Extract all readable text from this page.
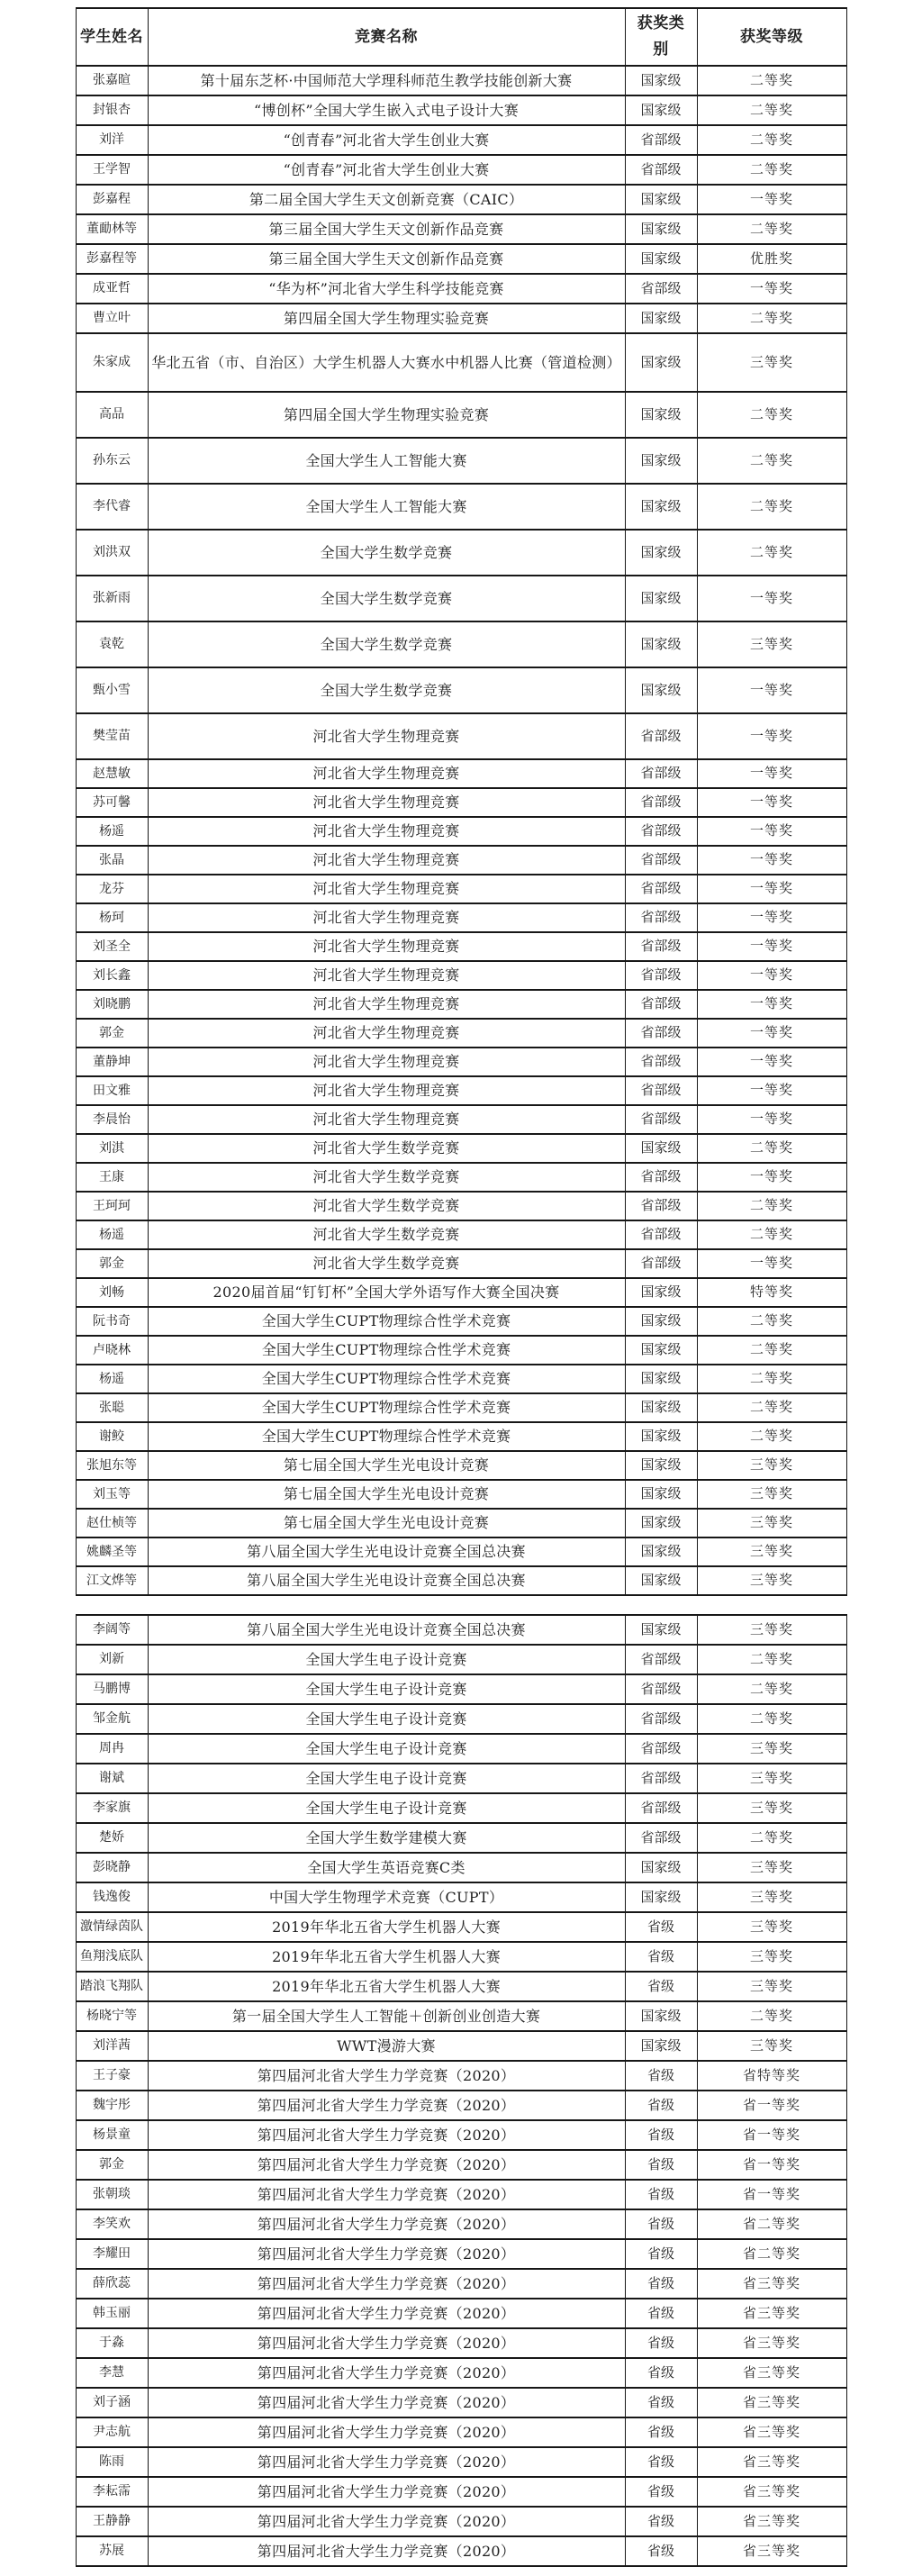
学生姓名	竞赛名称	获奖类别	获奖等级
张嘉暄	第十届东芝杯·中国师范大学理科师范生教学技能创新大赛	国家级	二等奖
封银杏	“博创杯”全国大学生嵌入式电子设计大赛	国家级	二等奖
刘洋	“创青春”河北省大学生创业大赛	省部级	二等奖
王学智	“创青春”河北省大学生创业大赛	省部级	二等奖
彭嘉程	第二届全国大学生天文创新竞赛（CAIC）	国家级	一等奖
董勔林等	第三届全国大学生天文创新作品竞赛	国家级	二等奖
彭嘉程等	第三届全国大学生天文创新作品竞赛	国家级	优胜奖
成亚哲	“华为杯”河北省大学生科学技能竞赛	省部级	一等奖
曹立叶	第四届全国大学生物理实验竞赛	国家级	二等奖
朱家成	华北五省（市、自治区）大学生机器人大赛水中机器人比赛（管道检测）	国家级	三等奖
高品	第四届全国大学生物理实验竞赛	国家级	二等奖
孙东云	全国大学生人工智能大赛	国家级	二等奖
李代睿	全国大学生人工智能大赛	国家级	二等奖
刘洪双	全国大学生数学竞赛	国家级	二等奖
张新雨	全国大学生数学竞赛	国家级	一等奖
袁乾	全国大学生数学竞赛	国家级	三等奖
甄小雪	全国大学生数学竞赛	国家级	一等奖
樊莹苗	河北省大学生物理竞赛	省部级	一等奖
赵慧敏	河北省大学生物理竞赛	省部级	一等奖
苏可馨	河北省大学生物理竞赛	省部级	一等奖
杨遥	河北省大学生物理竞赛	省部级	一等奖
张晶	河北省大学生物理竞赛	省部级	一等奖
龙芬	河北省大学生物理竞赛	省部级	一等奖
杨珂	河北省大学生物理竞赛	省部级	一等奖
刘圣全	河北省大学生物理竞赛	省部级	一等奖
刘长鑫	河北省大学生物理竞赛	省部级	一等奖
刘晓鹏	河北省大学生物理竞赛	省部级	一等奖
郭金	河北省大学生物理竞赛	省部级	一等奖
董静坤	河北省大学生物理竞赛	省部级	一等奖
田文雅	河北省大学生物理竞赛	省部级	一等奖
李晨怡	河北省大学生物理竞赛	省部级	一等奖
刘淇	河北省大学生数学竞赛	国家级	二等奖
王康	河北省大学生数学竞赛	省部级	一等奖
王珂珂	河北省大学生数学竞赛	省部级	二等奖
杨遥	河北省大学生数学竞赛	省部级	二等奖
郭金	河北省大学生数学竞赛	省部级	一等奖
刘畅	2020届首届“钉钉杯”全国大学外语写作大赛全国决赛	国家级	特等奖
阮书奇	全国大学生CUPT物理综合性学术竞赛	国家级	二等奖
卢晓林	全国大学生CUPT物理综合性学术竞赛	国家级	二等奖
杨遥	全国大学生CUPT物理综合性学术竞赛	国家级	二等奖
张聪	全国大学生CUPT物理综合性学术竞赛	国家级	二等奖
谢鲛	全国大学生CUPT物理综合性学术竞赛	国家级	二等奖
张旭东等	第七届全国大学生光电设计竞赛	国家级	三等奖
刘玉等	第七届全国大学生光电设计竞赛	国家级	三等奖
赵仕桢等	第七届全国大学生光电设计竞赛	国家级	三等奖
姚麟圣等	第八届全国大学生光电设计竞赛全国总决赛	国家级	三等奖
江文烨等	第八届全国大学生光电设计竞赛全国总决赛	国家级	三等奖
李阔等	第八届全国大学生光电设计竞赛全国总决赛	国家级	三等奖
刘新	全国大学生电子设计竞赛	省部级	二等奖
马鹏博	全国大学生电子设计竞赛	省部级	二等奖
邹金航	全国大学生电子设计竞赛	省部级	二等奖
周冉	全国大学生电子设计竞赛	省部级	三等奖
谢斌	全国大学生电子设计竞赛	省部级	三等奖
李家旗	全国大学生电子设计竞赛	省部级	三等奖
楚娇	全国大学生数学建模大赛	省部级	二等奖
彭晓静	全国大学生英语竞赛C类	国家级	三等奖
钱逸俊	中国大学生物理学术竞赛（CUPT）	国家级	三等奖
激情绿茵队	2019年华北五省大学生机器人大赛	省级	三等奖
鱼翔浅底队	2019年华北五省大学生机器人大赛	省级	三等奖
踏浪飞翔队	2019年华北五省大学生机器人大赛	省级	三等奖
杨晓宁等	第一届全国大学生人工智能＋创新创业创造大赛	国家级	二等奖
刘洋茜	WWT漫游大赛	国家级	三等奖
王子豪	第四届河北省大学生力学竞赛（2020）	省级	省特等奖
魏宇彤	第四届河北省大学生力学竞赛（2020）	省级	省一等奖
杨景童	第四届河北省大学生力学竞赛（2020）	省级	省一等奖
郭金	第四届河北省大学生力学竞赛（2020）	省级	省一等奖
张朝琰	第四届河北省大学生力学竞赛（2020）	省级	省一等奖
李笑欢	第四届河北省大学生力学竞赛（2020）	省级	省二等奖
李耀田	第四届河北省大学生力学竞赛（2020）	省级	省二等奖
薛欣蕊	第四届河北省大学生力学竞赛（2020）	省级	省三等奖
韩玉丽	第四届河北省大学生力学竞赛（2020）	省级	省三等奖
于淼	第四届河北省大学生力学竞赛（2020）	省级	省三等奖
李慧	第四届河北省大学生力学竞赛（2020）	省级	省三等奖
刘子涵	第四届河北省大学生力学竞赛（2020）	省级	省三等奖
尹志航	第四届河北省大学生力学竞赛（2020）	省级	省三等奖
陈雨	第四届河北省大学生力学竞赛（2020）	省级	省三等奖
李耘霈	第四届河北省大学生力学竞赛（2020）	省级	省三等奖
王静静	第四届河北省大学生力学竞赛（2020）	省级	省三等奖
苏展	第四届河北省大学生力学竞赛（2020）	省级	省三等奖
